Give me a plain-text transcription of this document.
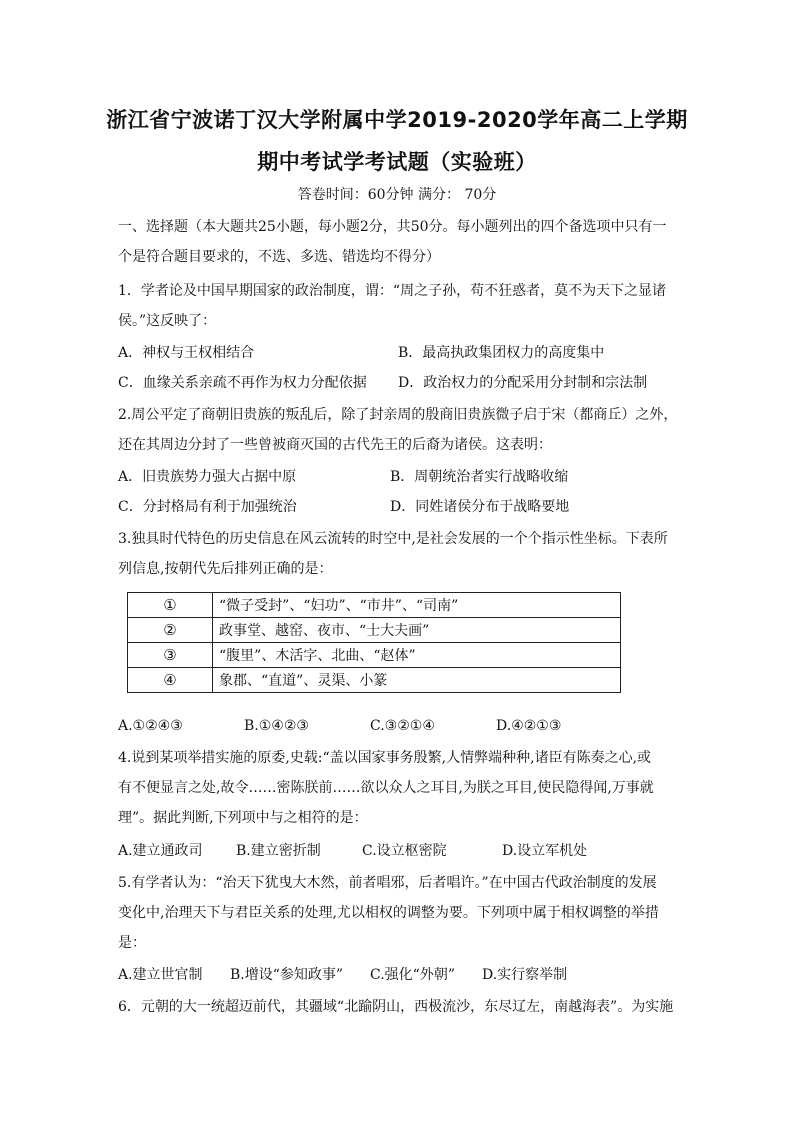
浙江省宁波诺丁汉大学附属中学2019-2020学年高二上学期
期中考试学考试题（实验班）
答卷时间：60分钟 满分： 70分
一、选择题（本大题共25小题，每小题2分，共50分。每小题列出的四个备选项中只有一
个是符合题目要求的，不选、多选、错选均不得分）
1．学者论及中国早期国家的政治制度，谓：“周之子孙，苟不狂惑者，莫不为天下之显诸
侯。”这反映了：
A．神权与王权相结合	B．最高执政集团权力的高度集中
C．血缘关系亲疏不再作为权力分配依据 D．政治权力的分配采用分封制和宗法制
2.周公平定了商朝旧贵族的叛乱后，除了封亲周的殷商旧贵族微子启于宋（都商丘）之外，
还在其周边分封了一些曾被商灭国的古代先王的后裔为诸侯。这表明：
A．旧贵族势力强大占据中原	B．周朝统治者实行战略收缩
C．分封格局有利于加强统治	D．同姓诸侯分布于战略要地
3.独具时代特色的历史信息在风云流转的时空中,是社会发展的一个个指示性坐标。下表所
列信息,按朝代先后排列正确的是：
①	“微子受封”、“妇功”、“市井”、“司南”
②	政事堂、越窑、夜市、“士大夫画”
③	“腹里”、木活字、北曲、“赵体”
④	象郡、“直道”、灵渠、小篆
A.①②④③	B.①④②③	C.③②①④	D.④②①③
4.说到某项举措实施的原委,史载:“盖以国家事务殷繁,人情弊端种种,诸臣有陈奏之心,或
有不便显言之处,故令……密陈朕前……欲以众人之耳目,为朕之耳目,使民隐得闻,万事就
理”。据此判断,下列项中与之相符的是：
A.建立通政司 B.建立密折制	C.设立枢密院	D.设立军机处
5.有学者认为：“治天下犹曳大木然，前者唱邪，后者唱许。”在中国古代政治制度的发展
变化中,治理天下与君臣关系的处理,尤以相权的调整为要。下列项中属于相权调整的举措
是：
A.建立世官制 B.增设“参知政事” C.强化“外朝” D.实行察举制
6．元朝的大一统超迈前代，其疆域“北踰阴山，西极流沙，东尽辽左，南越海表”。为实施
